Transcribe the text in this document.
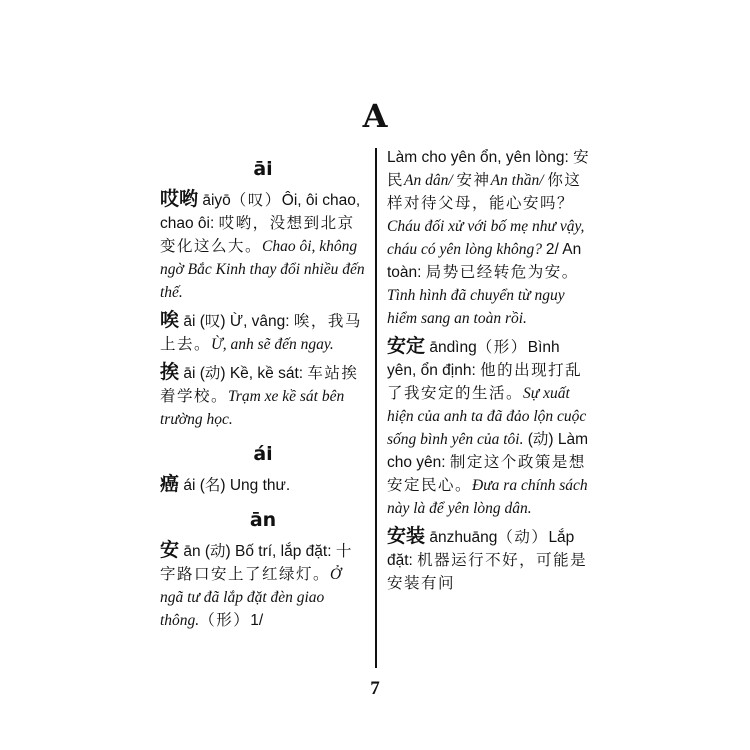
A
āi
哎哟 āiyō（叹）Ôi, ôi chao, chao ôi: 哎哟，没想到北京变化这么大。Chao ôi, không ngờ Bắc Kinh thay đổi nhiều đến thế.
唉 āi (叹) Ừ, vâng: 唉，我马上去。Ừ, anh sẽ đến ngay.
挨 āi (动) Kề, kề sát: 车站挨着学校。Trạm xe kề sát bên trường học.
ái
癌 ái (名) Ung thư.
ān
安 ān (动) Bố trí, lắp đặt: 十字路口安上了红绿灯。Ở ngã tư đã lắp đặt đèn giao thông.（形）1/
Làm cho yên ổn, yên lòng: 安民An dân/ 安神An thần/ 你这样对待父母，能心安吗？Cháu đối xử với bố mẹ như vậy, cháu có yên lòng không? 2/ An toàn: 局势已经转危为安。 Tình hình đã chuyển từ nguy hiểm sang an toàn rồi.
安定 āndìng（形）Bình yên, ổn định: 他的出现打乱了我安定的生活。Sự xuất hiện của anh ta đã đảo lộn cuộc sống bình yên của tôi. (动) Làm cho yên: 制定这个政策是想安定民心。Đưa ra chính sách này là để yên lòng dân.
安装 ānzhuāng（动）Lắp đặt: 机器运行不好，可能是安装有问
7
